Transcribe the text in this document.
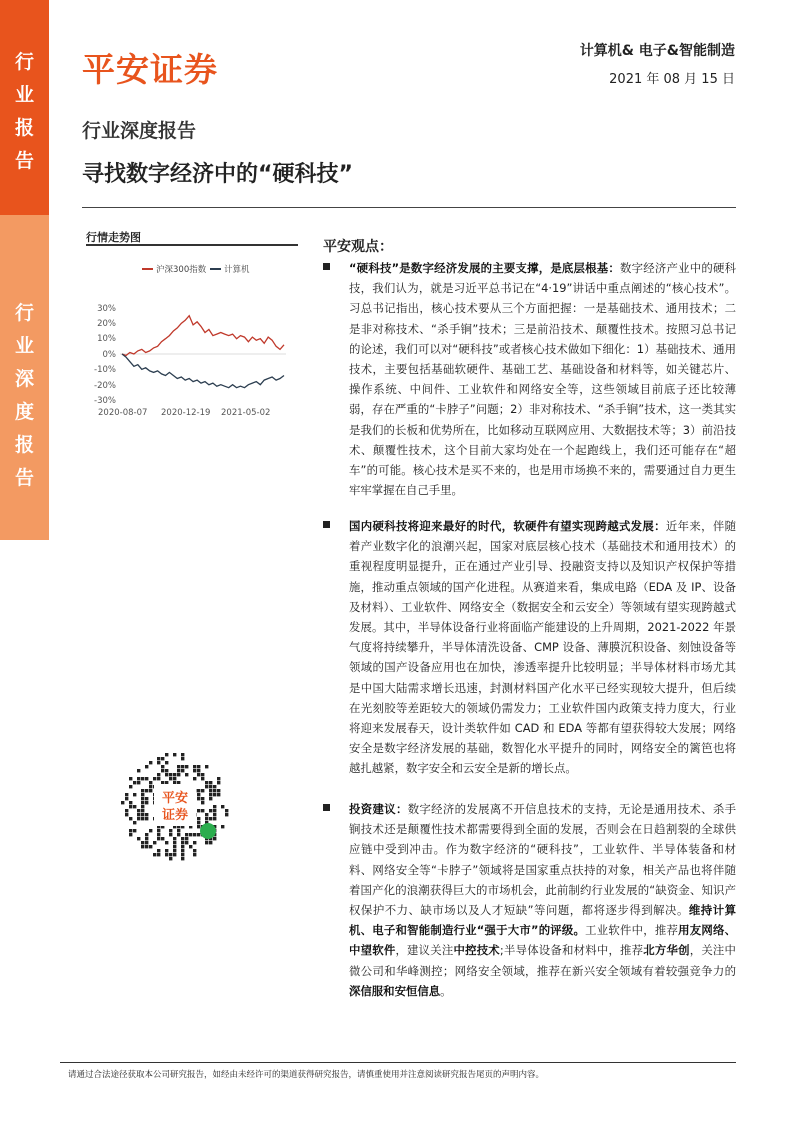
行
业
报
告
行
业
深
度
报
告
平安证券	计算机& 电子&智能制造
2021 年 08 月 15 日
行业深度报告
寻找数字经济中的“硬科技”
行情走势图
沪深300指数 计算机
30%
20%
10%
0%
-10%
-20%
-30%
2020-08-07 2020-12-19 2021-05-02
平安
证券
平安观点：

“硬科技”是数字经济发展的主要支撑，是底层根基：数字经济产业中的硬科技，我们认为，就是习近平总书记在“4·19”讲话中重点阐述的“核心技术”。习总书记指出，核心技术要从三个方面把握：一是基础技术、通用技术；二是非对称技术、“杀手锏”技术；三是前沿技术、颠覆性技术。按照习总书记的论述，我们可以对“硬科技”或者核心技术做如下细化：1）基础技术、通用技术，主要包括基础软硬件、基础工艺、基础设备和材料等，如关键芯片、操作系统、中间件、工业软件和网络安全等，这些领域目前底子还比较薄弱，存在严重的“卡脖子”问题；2）非对称技术、“杀手锏”技术，这一类其实是我们的长板和优势所在，比如移动互联网应用、大数据技术等；3）前沿技术、颠覆性技术，这个目前大家均处在一个起跑线上，我们还可能存在“超车”的可能。核心技术是买不来的，也是用市场换不来的，需要通过自力更生牢牢掌握在自己手里。

国内硬科技将迎来最好的时代，软硬件有望实现跨越式发展：近年来，伴随着产业数字化的浪潮兴起，国家对底层核心技术（基础技术和通用技术）的重视程度明显提升，正在通过产业引导、投融资支持以及知识产权保护等措施，推动重点领域的国产化进程。从赛道来看，集成电路（EDA 及 IP、设备及材料）、工业软件、网络安全（数据安全和云安全）等领域有望实现跨越式发展。其中，半导体设备行业将面临产能建设的上升周期，2021-2022 年景气度将持续攀升，半导体清洗设备、CMP 设备、薄膜沉积设备、刻蚀设备等领域的国产设备应用也在加快，渗透率提升比较明显；半导体材料市场尤其是中国大陆需求增长迅速，封测材料国产化水平已经实现较大提升，但后续在光刻胶等差距较大的领域仍需发力；工业软件国内政策支持力度大，行业将迎来发展春天，设计类软件如 CAD 和 EDA 等都有望获得较大发展；网络安全是数字经济发展的基础，数智化水平提升的同时，网络安全的篱笆也将越扎越紧，数字安全和云安全是新的增长点。

投资建议：数字经济的发展离不开信息技术的支持，无论是通用技术、杀手锏技术还是颠覆性技术都需要得到全面的发展，否则会在日趋割裂的全球供应链中受到冲击。作为数字经济的“硬科技”，工业软件、半导体装备和材料、网络安全等“卡脖子”领域将是国家重点扶持的对象，相关产品也将伴随着国产化的浪潮获得巨大的市场机会，此前制约行业发展的“缺资金、知识产权保护不力、缺市场以及人才短缺”等问题，都将逐步得到解决。维持计算机、电子和智能制造行业“强于大市”的评级。工业软件中，推荐用友网络、中望软件，建议关注中控技术;半导体设备和材料中，推荐北方华创，关注中微公司和华峰测控；网络安全领域，推荐在新兴安全领域有着较强竞争力的深信服和安恒信息。

请通过合法途径获取本公司研究报告，如经由未经许可的渠道获得研究报告，请慎重使用并注意阅读研究报告尾页的声明内容。
